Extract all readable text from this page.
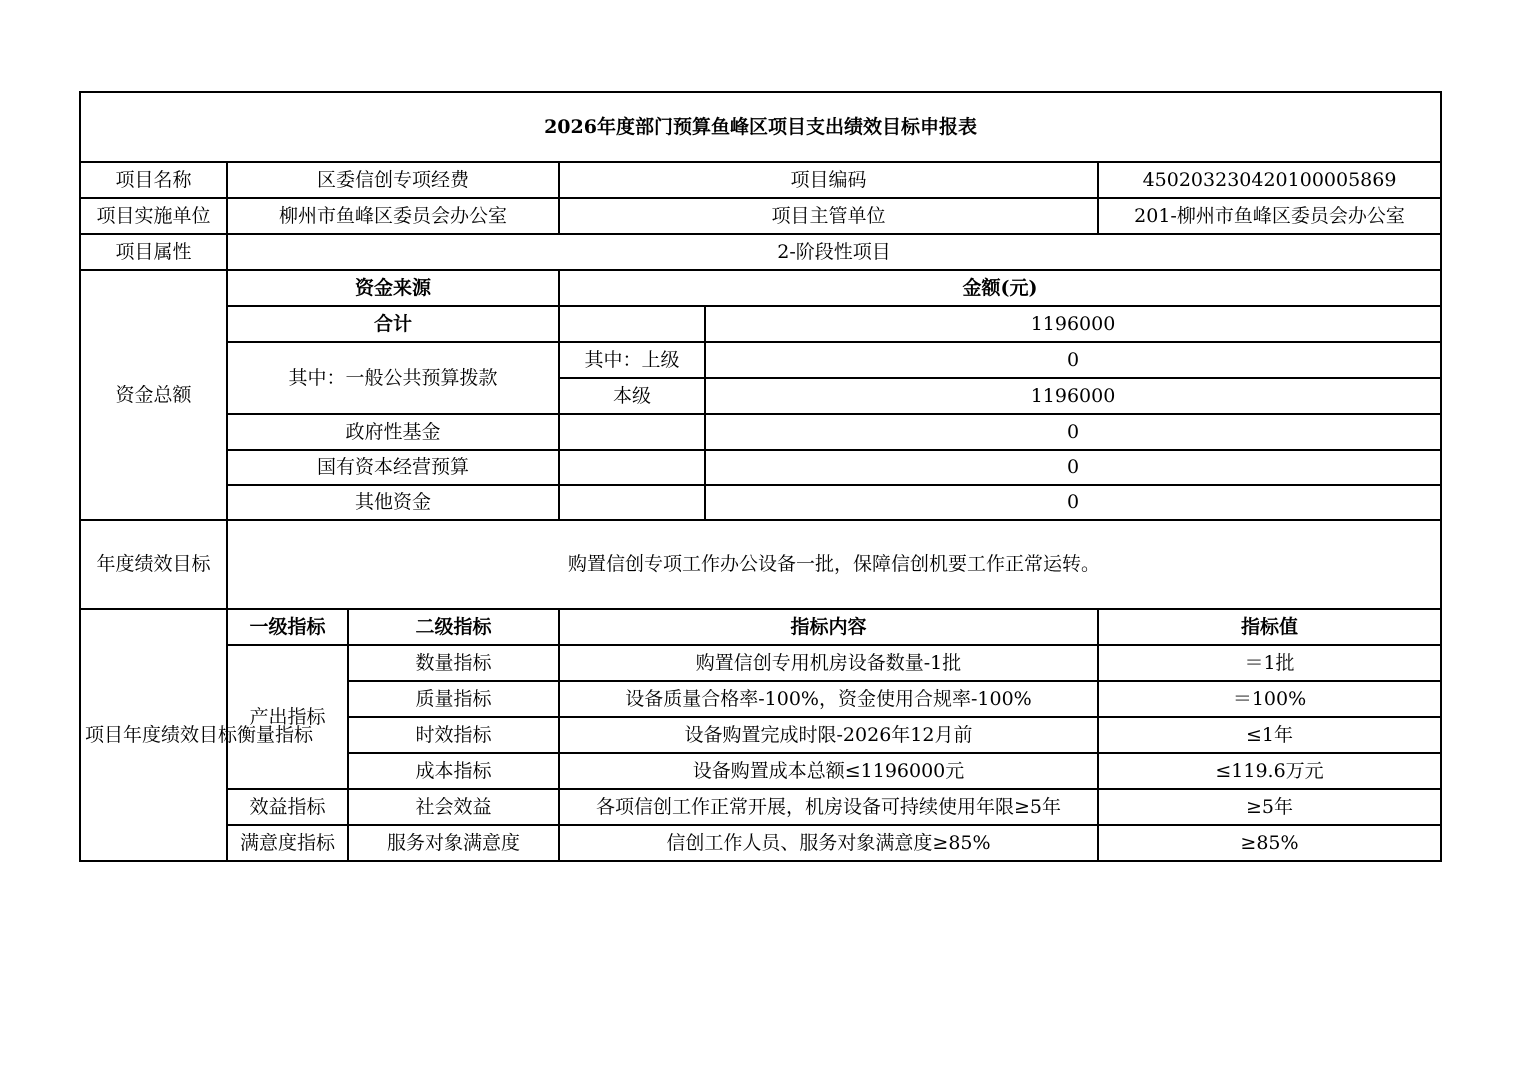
2026年度部门预算鱼峰区项目支出绩效目标申报表					
项目名称	区委信创专项经费		项目编码		450203230420100005869
项目实施单位	柳州市鱼峰区委员会办公室		项目主管单位		201-柳州市鱼峰区委员会办公室
项目属性	2-阶段性项目				
资金总额	资金来源		金额(元)		
	合计			1196000	
	其中：一般公共预算拨款		其中：上级	0	
			本级	1196000	
	政府性基金			0	
	国有资本经营预算			0	
	其他资金			0	
年度绩效目标	购置信创专项工作办公设备一批，保障信创机要工作正常运转。				
项目年度绩效目标衡量指标	一级指标	二级指标	指标内容		指标值
	产出指标	数量指标	购置信创专用机房设备数量-1批		＝1批
		质量指标	设备质量合格率-100%，资金使用合规率-100%		＝100%
		时效指标	设备购置完成时限-2026年12月前		≤1年
		成本指标	设备购置成本总额≤1196000元		≤119.6万元
	效益指标	社会效益	各项信创工作正常开展，机房设备可持续使用年限≥5年		≥5年
	满意度指标	服务对象满意度	信创工作人员、服务对象满意度≥85%		≥85%
